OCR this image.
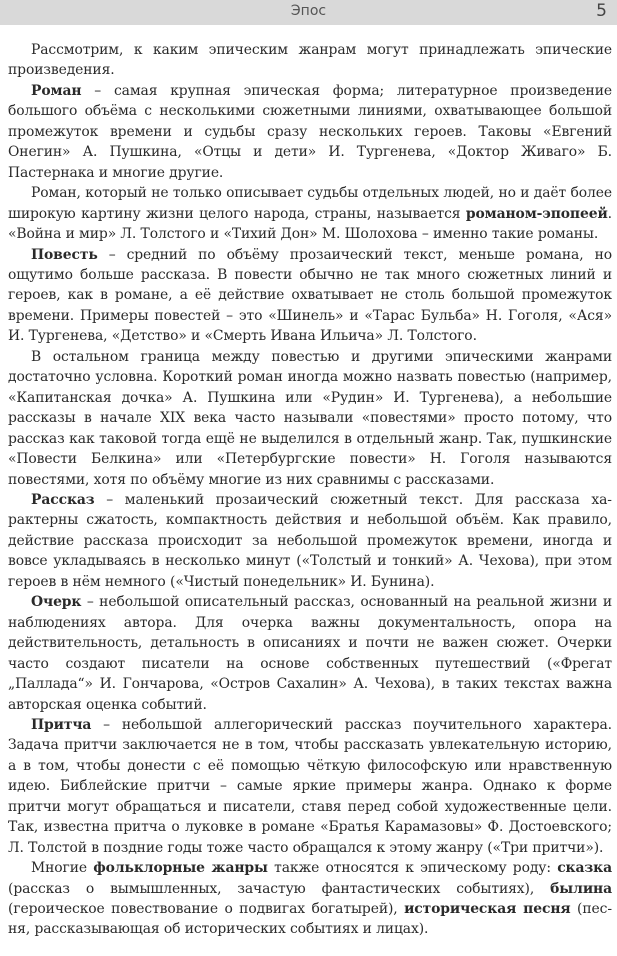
Эпос	5

Рассмотрим, к каким эпическим жанрам могут принадлежать эпические произведения.

Роман – самая крупная эпическая форма; литературное произведение большого объёма с несколькими сюжетными линиями, охватывающее большой промежуток времени и судьбы сразу нескольких героев. Таковы «Евгений Онегин» А. Пушкина, «Отцы и дети» И. Тургенева, «Доктор Живаго» Б. Пастернака и многие другие.

Роман, который не только описывает судьбы отдельных людей, но и даёт более широкую картину жизни целого народа, страны, называется романом-эпопеей. «Война и мир» Л. Толстого и «Тихий Дон» М. Шолохова – именно такие романы.

Повесть – средний по объёму прозаический текст, меньше романа, но ощутимо больше рассказа. В повести обычно не так много сюжетных линий и героев, как в романе, а её действие охватывает не столь большой промежуток времени. Примеры повестей – это «Шинель» и «Тарас Бульба» Н. Гоголя, «Ася» И. Тургенева, «Детство» и «Смерть Ивана Ильича» Л. Толстого.

В остальном граница между повестью и другими эпическими жанрами достаточно условна. Короткий роман иногда можно назвать повестью (например, «Капитанская дочка» А. Пушкина или «Рудин» И. Тургенева), а небольшие рассказы в начале XIX века часто называли «повестями» просто потому, что рассказ как таковой тогда ещё не выделился в отдельный жанр. Так, пушкинские «Повести Белкина» или «Петербургские повести» Н. Гоголя называются повестями, хотя по объёму многие из них сравнимы с рассказами.

Рассказ – маленький прозаический сюжетный текст. Для рассказа характерны сжатость, компактность действия и небольшой объём. Как правило, действие рассказа происходит за небольшой промежуток времени, иногда и вовсе укладываясь в несколько минут («Толстый и тонкий» А. Чехова), при этом героев в нём немного («Чистый понедельник» И. Бунина).

Очерк – небольшой описательный рассказ, основанный на реальной жизни и наблюдениях автора. Для очерка важны документальность, опора на действительность, детальность в описаниях и почти не важен сюжет. Очерки часто создают писатели на основе собственных путешествий («Фрегат „Паллада“» И. Гончарова, «Остров Сахалин» А. Чехова), в таких текстах важна авторская оценка событий.

Притча – небольшой аллегорический рассказ поучительного характера. Задача притчи заключается не в том, чтобы рассказать увлекательную историю, а в том, чтобы донести с её помощью чёткую философскую или нравственную идею. Библейские притчи – самые яркие примеры жанра. Однако к форме притчи могут обращаться и писатели, ставя перед собой художественные цели. Так, известна притча о луковке в романе «Братья Карамазовы» Ф. Достоевского; Л. Толстой в поздние годы тоже часто обращался к этому жанру («Три притчи»).

Многие фольклорные жанры также относятся к эпическому роду: сказка (рассказ о вымышленных, зачастую фантастических событиях), былина (героическое повествование о подвигах богатырей), историческая песня (песня, рассказывающая об исторических событиях и лицах).
